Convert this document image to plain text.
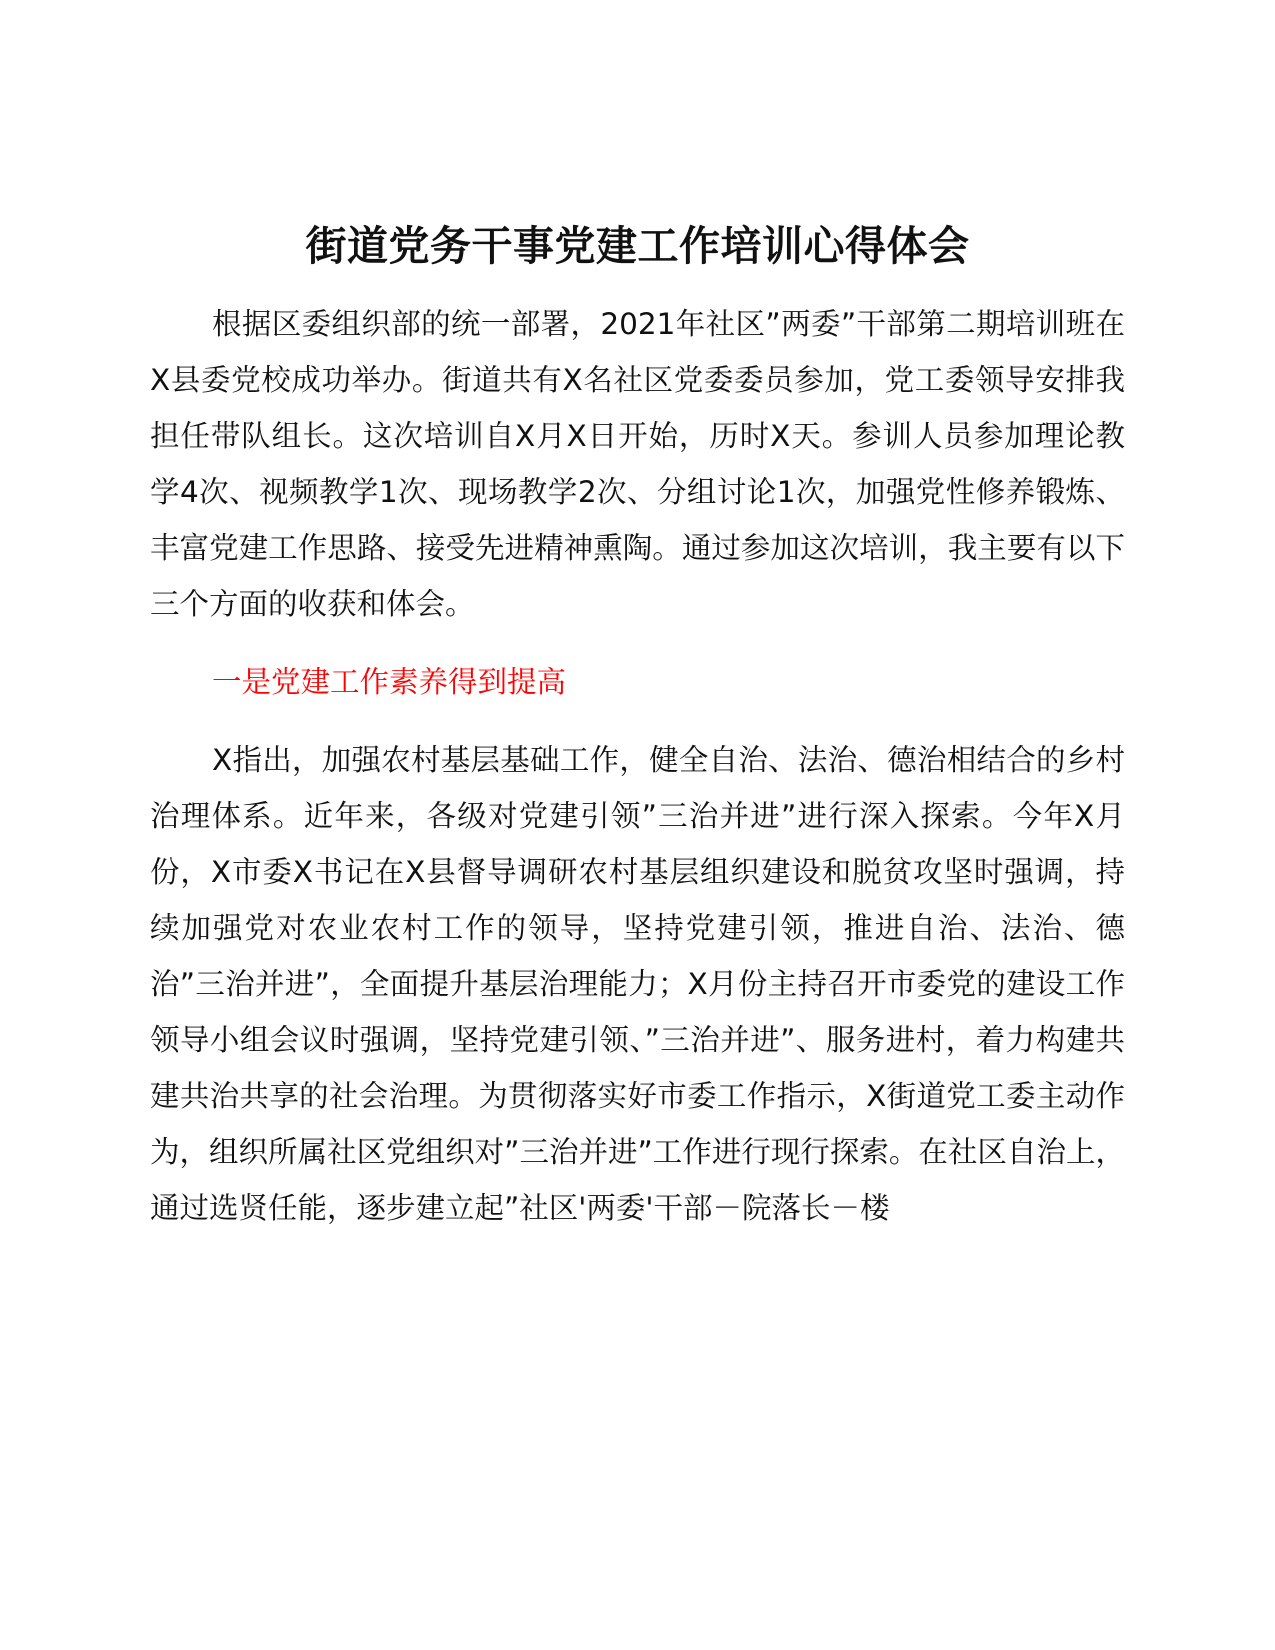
街道党务干事党建工作培训心得体会

根据区委组织部的统一部署，2021年社区”两委”干部第二期培训班在X县委党校成功举办。街道共有X名社区党委委员参加，党工委领导安排我担任带队组长。这次培训自X月X日开始，历时X天。参训人员参加理论教学4次、视频教学1次、现场教学2次、分组讨论1次，加强党性修养锻炼、丰富党建工作思路、接受先进精神熏陶。通过参加这次培训，我主要有以下三个方面的收获和体会。

一是党建工作素养得到提高

X指出，加强农村基层基础工作，健全自治、法治、德治相结合的乡村治理体系。近年来，各级对党建引领”三治并进”进行深入探索。今年X月份，X市委X书记在X县督导调研农村基层组织建设和脱贫攻坚时强调，持续加强党对农业农村工作的领导，坚持党建引领，推进自治、法治、德治”三治并进”，全面提升基层治理能力；X月份主持召开市委党的建设工作领导小组会议时强调，坚持党建引领、”三治并进”、服务进村，着力构建共建共治共享的社会治理。为贯彻落实好市委工作指示，X街道党工委主动作为，组织所属社区党组织对”三治并进”工作进行现行探索。在社区自治上，通过选贤任能，逐步建立起”社区'两委'干部－院落长－楼
